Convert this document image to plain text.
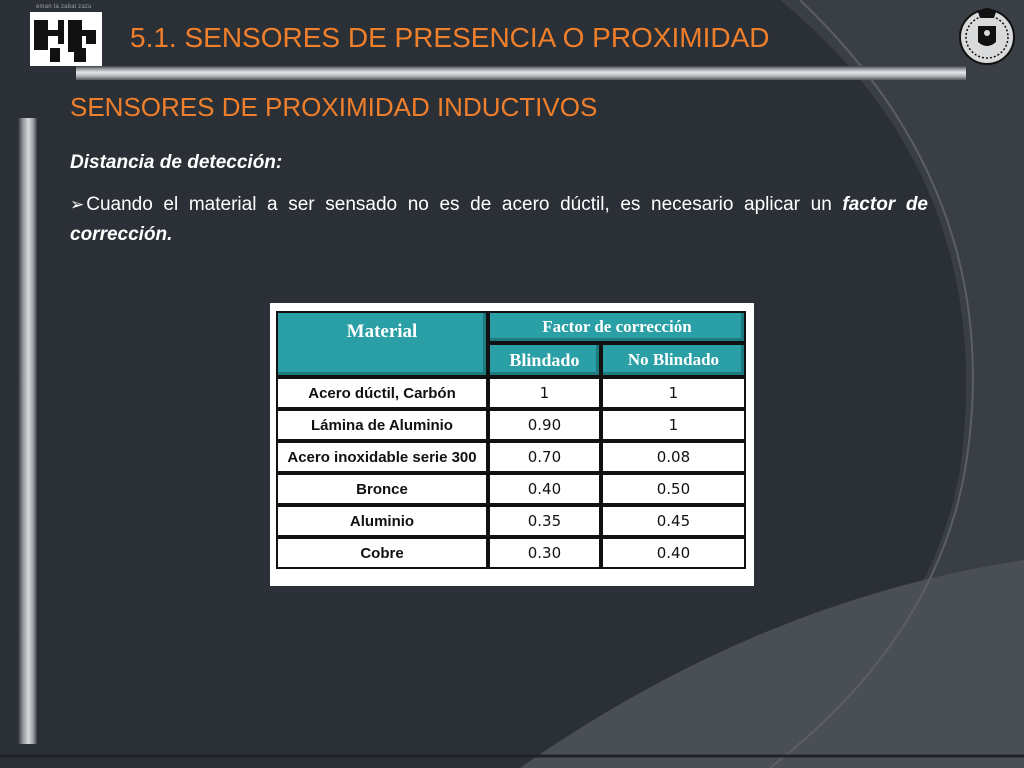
eman ta zabal zazu
5.1. SENSORES DE PRESENCIA O PROXIMIDAD
SENSORES DE PROXIMIDAD INDUCTIVOS

Distancia de detección:

➢ Cuando el material a ser sensado no es de acero dúctil, es necesario aplicar un factor de corrección.

Material	Factor de corrección	
	Blindado	No Blindado
Acero dúctil, Carbón	1	1
Lámina de Aluminio	0.90	1
Acero inoxidable serie 300	0.70	0.08
Bronce	0.40	0.50
Aluminio	0.35	0.45
Cobre	0.30	0.40
